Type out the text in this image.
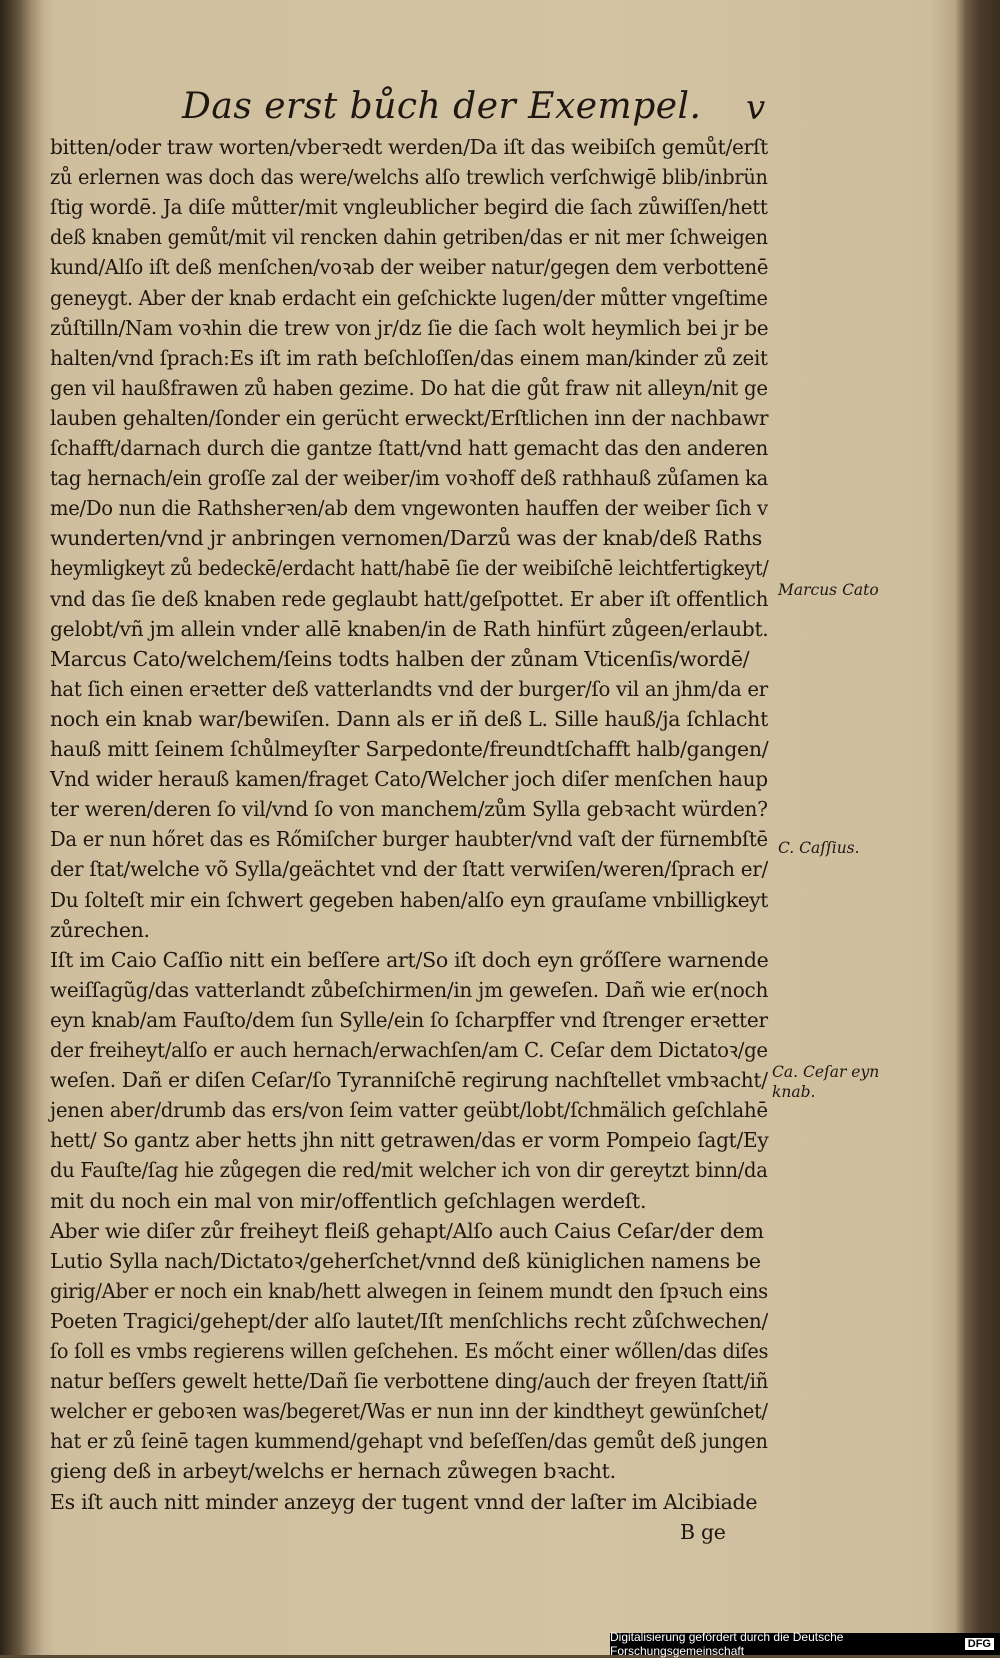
Das erst bůch der Exempel. v
bitten/oder traw worten/vberꝛedt werden/Da iſt das weibiſch gemůt/erſt
zů erlernen was doch das were/welchs alſo trewlich verſchwigē blib/inbrün
ſtig wordē. Ja diſe můtter/mit vngleublicher begird die ſach zůwiſſen/hett
deß knaben gemůt/mit vil rencken dahin getriben/das er nit mer ſchweigen
kund/Alſo iſt deß menſchen/voꝛab der weiber natur/gegen dem verbottenē
geneygt. Aber der knab erdacht ein geſchickte lugen/der můtter vngeſtime
zůſtilln/Nam voꝛhin die trew von jr/dz ſie die ſach wolt heymlich bei jr be
halten/vnd ſprach:Es iſt im rath beſchloſſen/das einem man/kinder zů zeit
gen vil haußfrawen zů haben gezime. Do hat die gůt fraw nit alleyn/nit ge
lauben gehalten/ſonder ein gerücht erweckt/Erſtlichen inn der nachbawr
ſchafft/darnach durch die gantze ſtatt/vnd hatt gemacht das den anderen
tag hernach/ein groſſe zal der weiber/im voꝛhoff deß rathhauß zůſamen ka
me/Do nun die Rathsherꝛen/ab dem vngewonten hauffen der weiber ſich v
wunderten/vnd jr anbringen vernomen/Darzů was der knab/deß Raths
heymligkeyt zů bedeckē/erdacht hatt/habē ſie der weibiſchē leichtfertigkeyt/
vnd das ſie deß knaben rede geglaubt hatt/geſpottet. Er aber iſt offentlich
gelobt/vñ jm allein vnder allē knaben/in de Rath hinfürt zůgeen/erlaubt.
Marcus Cato/welchem/ſeins todts halben der zůnam Vticenſis/wordē/
hat ſich einen erꝛetter deß vatterlandts vnd der burger/ſo vil an jhm/da er
noch ein knab war/bewiſen. Dann als er iñ deß L. Sille hauß/ja ſchlacht
hauß mitt ſeinem ſchůlmeyſter Sarpedonte/freundtſchafft halb/gangen/
Vnd wider herauß kamen/fraget Cato/Welcher joch diſer menſchen haup
ter weren/deren ſo vil/vnd ſo von manchem/zům Sylla gebꝛacht würden?
Da er nun hőret das es Rőmiſcher burger haubter/vnd vaſt der fürnembſtē
der ſtat/welche võ Sylla/geächtet vnd der ſtatt verwiſen/weren/ſprach er/
Du ſolteſt mir ein ſchwert gegeben haben/alſo eyn grauſame vnbilligkeyt
zůrechen.
Iſt im Caio Caſſio nitt ein beſſere art/So iſt doch eyn grőſſere warnende
weiſſagũg/das vatterlandt zůbeſchirmen/in jm geweſen. Dañ wie er(noch
eyn knab/am Fauſto/dem ſun Sylle/ein ſo ſcharpffer vnd ſtrenger erꝛetter
der freiheyt/alſo er auch hernach/erwachſen/am C. Ceſar dem Dictatoꝛ/ge
weſen. Dañ er diſen Ceſar/ſo Tyranniſchē regirung nachſtellet vmbꝛacht/
jenen aber/drumb das ers/von ſeim vatter geübt/lobt/ſchmälich geſchlahē
hett/ So gantz aber hetts jhn nitt getrawen/das er vorm Pompeio ſagt/Ey
du Fauſte/ſag hie zůgegen die red/mit welcher ich von dir gereytzt binn/da
mit du noch ein mal von mir/offentlich geſchlagen werdeſt.
Aber wie diſer zůr freiheyt fleiß gehapt/Alſo auch Caius Ceſar/der dem
Lutio Sylla nach/Dictatoꝛ/geherſchet/vnnd deß küniglichen namens be
girig/Aber er noch ein knab/hett alwegen in ſeinem mundt den ſpꝛuch eins
Poeten Tragici/gehept/der alſo lautet/Iſt menſchlichs recht zůſchwechen/
ſo ſoll es vmbs regierens willen geſchehen. Es mőcht einer wőllen/das diſes
natur beſſers gewelt hette/Dañ ſie verbottene ding/auch der freyen ſtatt/iñ
welcher er geboꝛen was/begeret/Was er nun inn der kindtheyt gewünſchet/
hat er zů ſeinē tagen kummend/gehapt vnd beſeſſen/das gemůt deß jungen
gieng deß in arbeyt/welchs er hernach zůwegen bꝛacht.
Es iſt auch nitt minder anzeyg der tugent vnnd der laſter im Alcibiade
B ge
Marcus Cato
C. Caſſius.
Ca. Ceſar eyn
knab.
Digitalisierung gefördert durch die Deutsche Forschungsgemeinschaft	DFG
